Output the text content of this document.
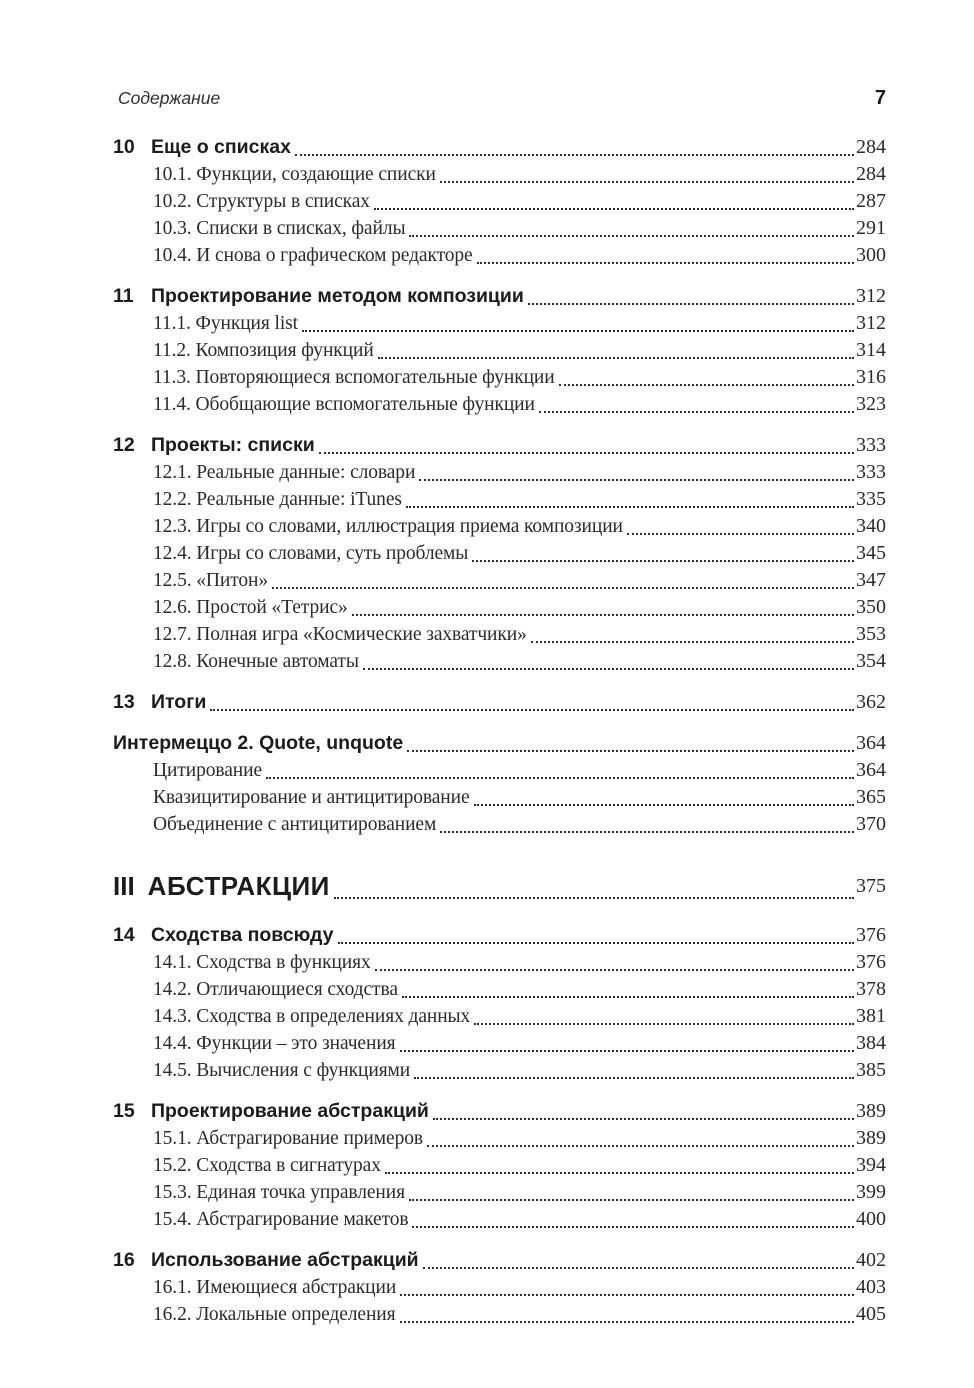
Содержание	7
10 Еще о списках	284
10.1. Функции, создающие списки	284
10.2. Структуры в списках	287
10.3. Списки в списках, файлы	291
10.4. И снова о графическом редакторе	300
11 Проектирование методом композиции	312
11.1. Функция list	312
11.2. Композиция функций	314
11.3. Повторяющиеся вспомогательные функции	316
11.4. Обобщающие вспомогательные функции	323
12 Проекты: списки	333
12.1. Реальные данные: словари	333
12.2. Реальные данные: iTunes	335
12.3. Игры со словами, иллюстрация приема композиции	340
12.4. Игры со словами, суть проблемы	345
12.5. «Питон»	347
12.6. Простой «Тетрис»	350
12.7. Полная игра «Космические захватчики»	353
12.8. Конечные автоматы	354
13 Итоги	362
Интермеццо 2. Quote, unquote	364
Цитирование	364
Квазицитирование и антицитирование	365
Объединение с антицитированием	370
III АБСТРАКЦИИ	375
14 Сходства повсюду	376
14.1. Сходства в функциях	376
14.2. Отличающиеся сходства	378
14.3. Сходства в определениях данных	381
14.4. Функции – это значения	384
14.5. Вычисления с функциями	385
15 Проектирование абстракций	389
15.1. Абстрагирование примеров	389
15.2. Сходства в сигнатурах	394
15.3. Единая точка управления	399
15.4. Абстрагирование макетов	400
16 Использование абстракций	402
16.1. Имеющиеся абстракции	403
16.2. Локальные определения	405
